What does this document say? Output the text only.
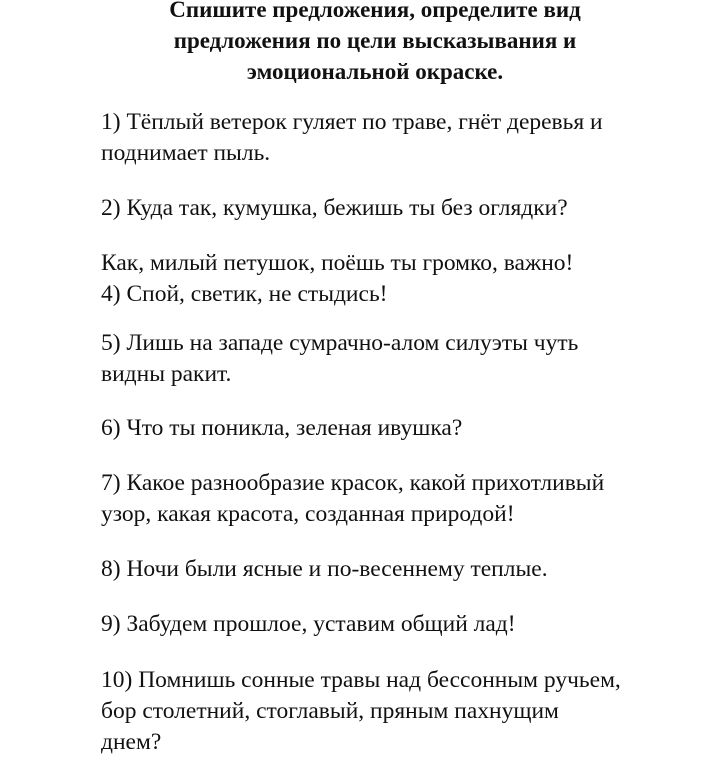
Спишите предложения, определите вид
предложения по цели высказывания и
эмоциональной окраске.

1) Тёплый ветерок гуляет по траве, гнёт деревья и
поднимает пыль.

2) Куда так, кумушка, бежишь ты без оглядки?

Как, милый петушок, поёшь ты громко, важно!
4) Спой, светик, не стыдись!

5) Лишь на западе сумрачно-алом силуэты чуть
видны ракит.

6) Что ты поникла, зеленая ивушка?

7) Какое разнообразие красок, какой прихотливый
узор, какая красота, созданная природой!

8) Ночи были ясные и по-весеннему теплые.

9) Забудем прошлое, уставим общий лад!

10) Помнишь сонные травы над бессонным ручьем,
бор столетний, стоглавый, пряным пахнущим
днем?
